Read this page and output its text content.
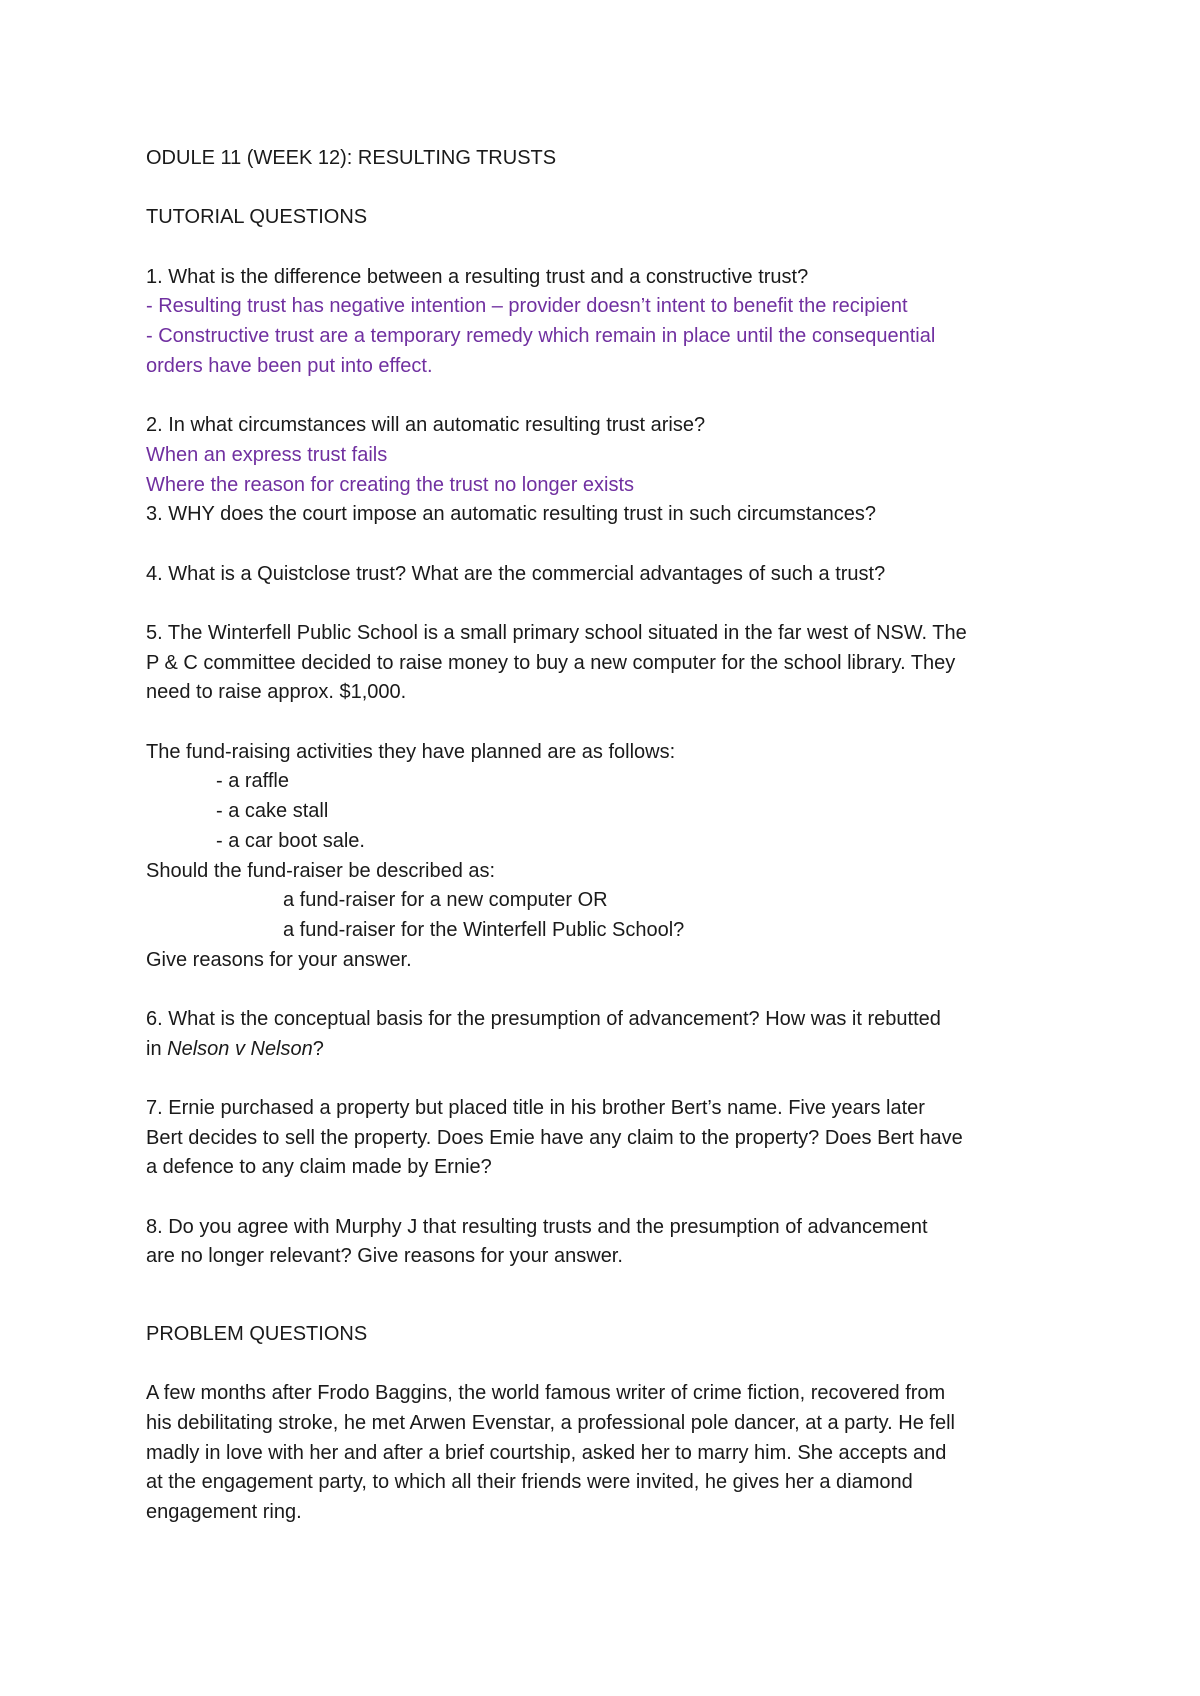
ODULE 11 (WEEK 12): RESULTING TRUSTS
TUTORIAL QUESTIONS
1. What is the difference between a resulting trust and a constructive trust?
- Resulting trust has negative intention – provider doesn’t intent to benefit the recipient
- Constructive trust are a temporary remedy which remain in place until the consequential
orders have been put into effect.
2. In what circumstances will an automatic resulting trust arise?
When an express trust fails
Where the reason for creating the trust no longer exists
3. WHY does the court impose an automatic resulting trust in such circumstances?
4. What is a Quistclose trust? What are the commercial advantages of such a trust?
5. The Winterfell Public School is a small primary school situated in the far west of NSW. The
P & C committee decided to raise money to buy a new computer for the school library. They
need to raise approx. $1,000.
The fund-raising activities they have planned are as follows:
- a raffle
- a cake stall
- a car boot sale.
Should the fund-raiser be described as:
a fund-raiser for a new computer OR
a fund-raiser for the Winterfell Public School?
Give reasons for your answer.
6. What is the conceptual basis for the presumption of advancement? How was it rebutted
in Nelson v Nelson?
7. Ernie purchased a property but placed title in his brother Bert’s name. Five years later
Bert decides to sell the property. Does Emie have any claim to the property? Does Bert have
a defence to any claim made by Ernie?
8. Do you agree with Murphy J that resulting trusts and the presumption of advancement
are no longer relevant? Give reasons for your answer.
PROBLEM QUESTIONS
A few months after Frodo Baggins, the world famous writer of crime fiction, recovered from
his debilitating stroke, he met Arwen Evenstar, a professional pole dancer, at a party. He fell
madly in love with her and after a brief courtship, asked her to marry him. She accepts and
at the engagement party, to which all their friends were invited, he gives her a diamond
engagement ring.
